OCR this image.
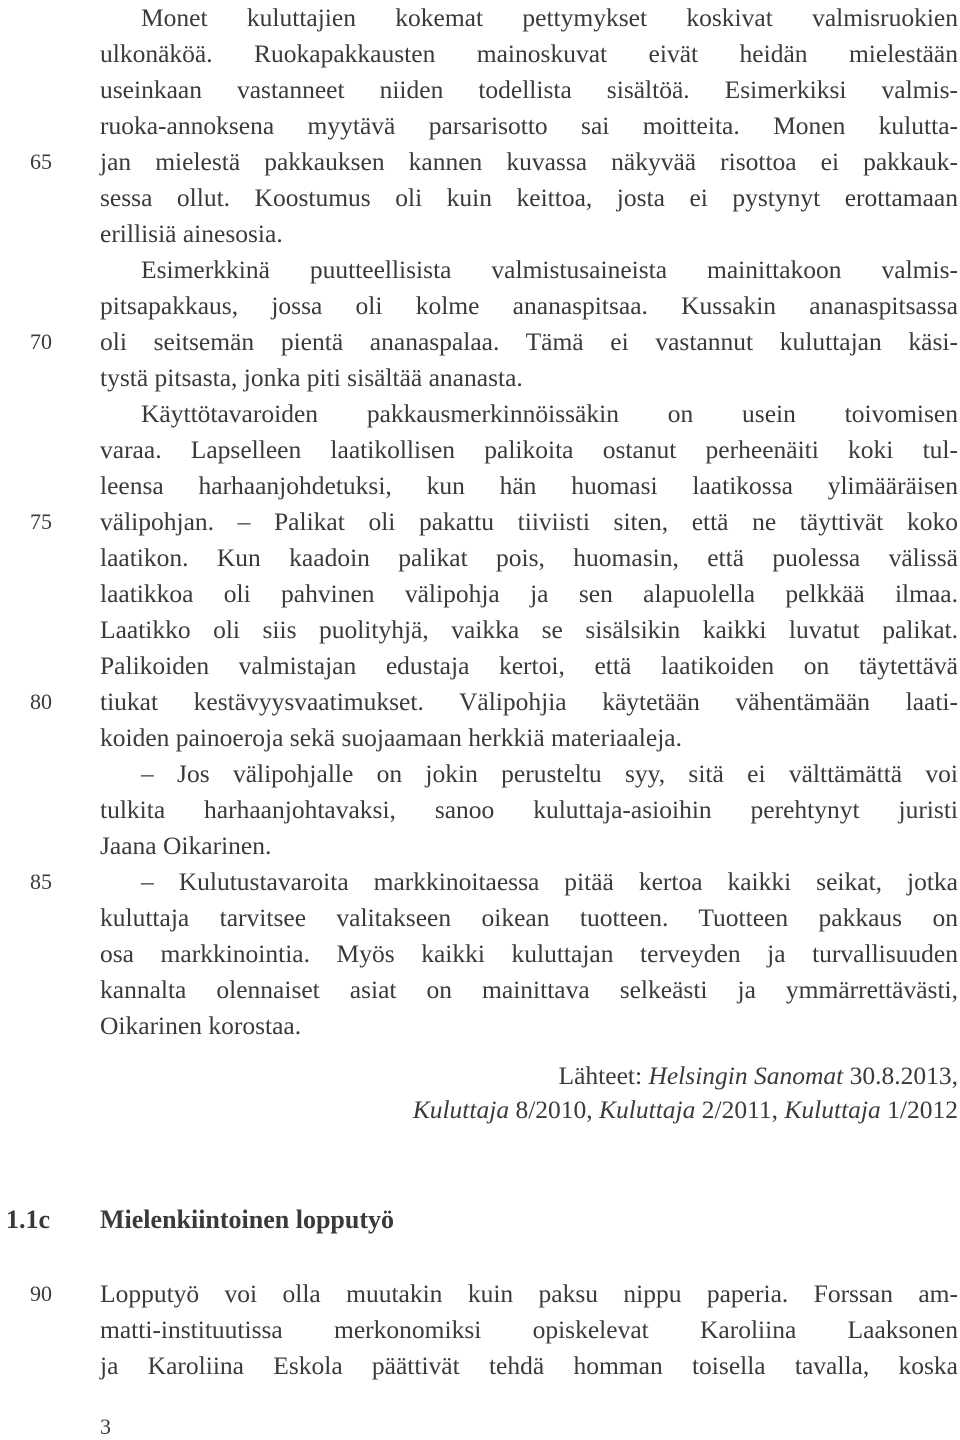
Monet kuluttajien kokemat pettymykset koskivat valmisruokien
ulkonäköä. Ruokapakkausten mainoskuvat eivät heidän mielestään
useinkaan vastanneet niiden todellista sisältöä. Esimerkiksi valmis-
ruoka-annoksena myytävä parsarisotto sai moitteita. Monen kulutta-
jan mielestä pakkauksen kannen kuvassa näkyvää risottoa ei pakkauk-
sessa ollut. Koostumus oli kuin keittoa, josta ei pystynyt erottamaan
erillisiä ainesosia.
Esimerkkinä puutteellisista valmistusaineista mainittakoon valmis-
pitsapakkaus, jossa oli kolme ananaspitsaa. Kussakin ananaspitsassa
oli seitsemän pientä ananaspalaa. Tämä ei vastannut kuluttajan käsi-
tystä pitsasta, jonka piti sisältää ananasta.
Käyttötavaroiden pakkausmerkinnöissäkin on usein toivomisen
varaa. Lapselleen laatikollisen palikoita ostanut perheenäiti koki tul-
leensa harhaanjohdetuksi, kun hän huomasi laatikossa ylimääräisen
välipohjan. – Palikat oli pakattu tiiviisti siten, että ne täyttivät koko
laatikon. Kun kaadoin palikat pois, huomasin, että puolessa välissä
laatikkoa oli pahvinen välipohja ja sen alapuolella pelkkää ilmaa.
Laatikko oli siis puolityhjä, vaikka se sisälsikin kaikki luvatut palikat.
Palikoiden valmistajan edustaja kertoi, että laatikoiden on täytettävä
tiukat kestävyysvaatimukset. Välipohjia käytetään vähentämään laati-
koiden painoeroja sekä suojaamaan herkkiä materiaaleja.
– Jos välipohjalle on jokin perusteltu syy, sitä ei välttämättä voi
tulkita harhaanjohtavaksi, sanoo kuluttaja-asioihin perehtynyt juristi
Jaana Oikarinen.
– Kulutustavaroita markkinoitaessa pitää kertoa kaikki seikat, jotka
kuluttaja tarvitsee valitakseen oikean tuotteen. Tuotteen pakkaus on
osa markkinointia. Myös kaikki kuluttajan terveyden ja turvallisuuden
kannalta olennaiset asiat on mainittava selkeästi ja ymmärrettävästi,
Oikarinen korostaa.
Lähteet: Helsingin Sanomat 30.8.2013,
Kuluttaja 8/2010, Kuluttaja 2/2011, Kuluttaja 1/2012
65
70
75
80
85
90
1.1c Mielenkiintoinen lopputyö
Lopputyö voi olla muutakin kuin paksu nippu paperia. Forssan am-
matti-instituutissa merkonomiksi opiskelevat Karoliina Laaksonen
ja Karoliina Eskola päättivät tehdä homman toisella tavalla, koska
3
